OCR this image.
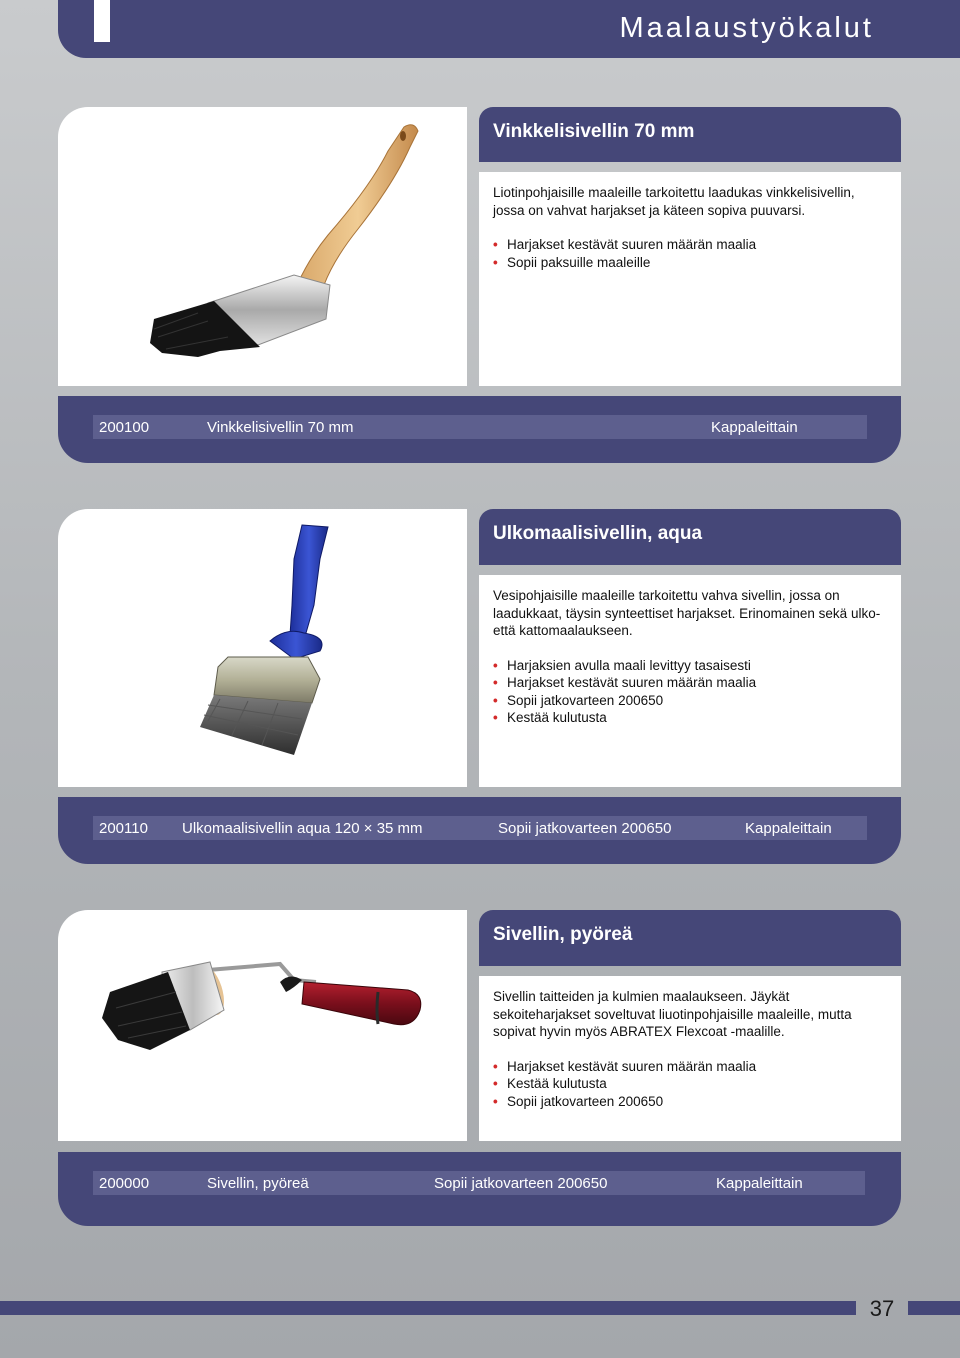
Maalaustyökalut
Vinkkelisivellin 70 mm

Liotinpohjaisille maaleille tarkoitettu laadukas vinkkelisivellin, jossa on vahvat harjakset ja käteen sopiva puuvarsi.

• Harjakset kestävät suuren määrän maalia
• Sopii paksuille maaleille
200100	Vinkkelisivellin 70 mm	Kappaleittain
Ulkomaalisivellin, aqua

Vesipohjaisille maaleille tarkoitettu vahva sivellin, jossa on laadukkaat, täysin synteettiset harjakset. Erinomainen sekä ulko- että kattomaalaukseen.

• Harjaksien avulla maali levittyy tasaisesti
• Harjakset kestävät suuren määrän maalia
• Sopii jatkovarteen 200650
• Kestää kulutusta
200110 Ulkomaalisivellin aqua 120 × 35 mm	Sopii jatkovarteen 200650	Kappaleittain
Sivellin, pyöreä

Sivellin taitteiden ja kulmien maalaukseen. Jäykät sekoiteharjakset soveltuvat liuotinpohjaisille maaleille, mutta sopivat hyvin myös ABRATEX Flexcoat -maalille.

• Harjakset kestävät suuren määrän maalia
• Kestää kulutusta
• Sopii jatkovarteen 200650
200000	Sivellin, pyöreä	Sopii jatkovarteen 200650	Kappaleittain
37
